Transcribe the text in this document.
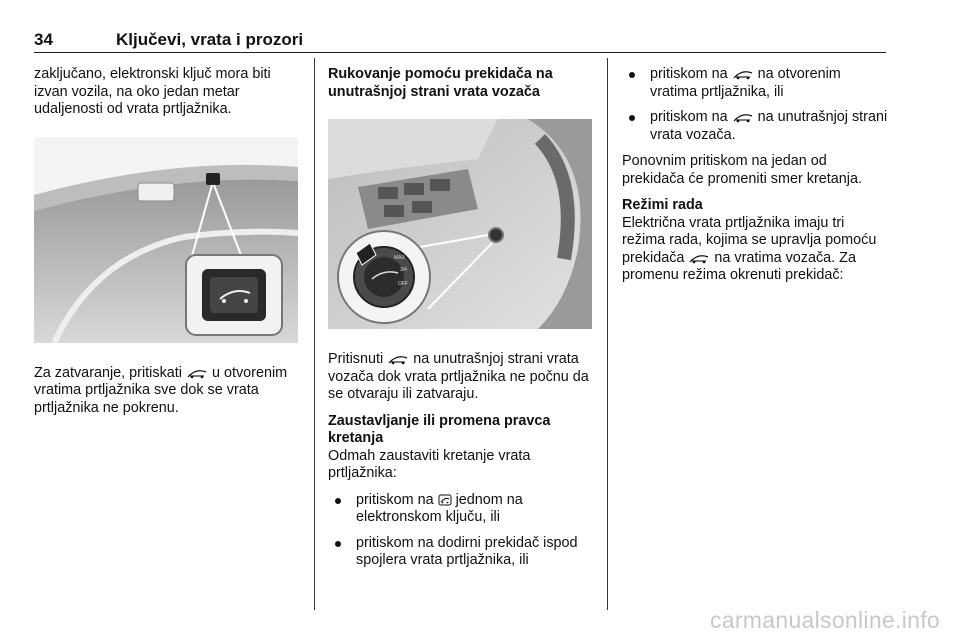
34	Ključevi, vrata i prozori

zaključano, elektronski ključ mora biti izvan vozila, na oko jedan metar udaljenosti od vrata prtljažnika.

Za zatvaranje, pritiskati u otvorenim vratima prtljažnika sve dok se vrata prtljažnika ne pokrenu.

Rukovanje pomoću prekidača na unutrašnjoj strani vrata vozača

MAX
3/4
OFF

Pritisnuti na unutrašnjoj strani vrata vozača dok vrata prtljažnika ne počnu da se otvaraju ili zatvaraju.

Zaustavljanje ili promena pravca kretanja

Odmah zaustaviti kretanje vrata prtljažnika:

pritiskom na jednom na elektronskom ključu, ili
pritiskom na dodirni prekidač ispod spojlera vrata prtljažnika, ili
pritiskom na na otvorenim vratima prtljažnika, ili
pritiskom na na unutrašnjoj strani vrata vozača.

Ponovnim pritiskom na jedan od prekidača će promeniti smer kretanja.

Režimi rada

Električna vrata prtljažnika imaju tri režima rada, kojima se upravlja pomoću prekidača na vratima vozača. Za promenu režima okrenuti prekidač:

carmanualsonline.info
